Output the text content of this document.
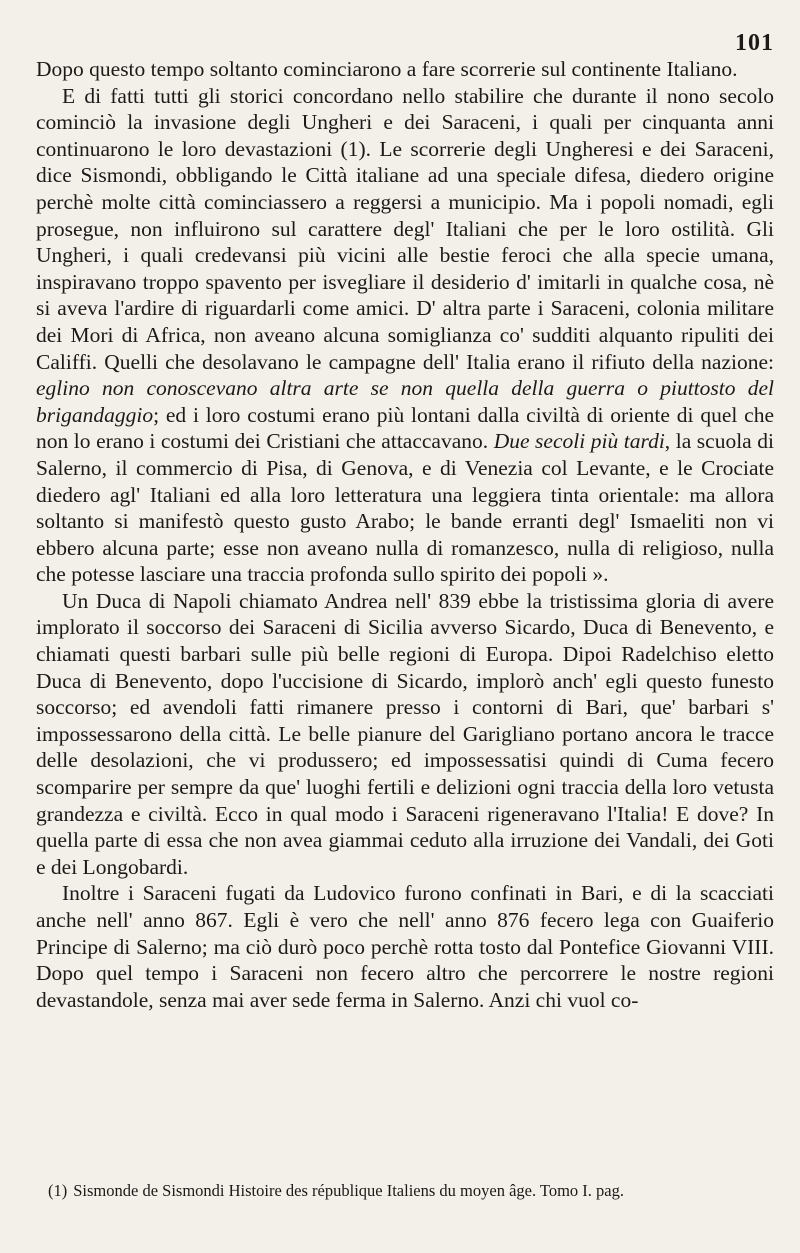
101

Dopo questo tempo soltanto cominciarono a fare scorrerie sul continente Italiano.

E di fatti tutti gli storici concordano nello stabilire che durante il nono secolo cominciò la invasione degli Ungheri e dei Saraceni, i quali per cinquanta anni continuarono le loro devastazioni (1). Le scorrerie degli Ungheresi e dei Saraceni, dice Sismondi, obbligando le Città italiane ad una speciale difesa, diedero origine perchè molte città cominciassero a reggersi a municipio. Ma i popoli nomadi, egli prosegue, non influirono sul carattere degl' Italiani che per le loro ostilità. Gli Ungheri, i quali credevansi più vicini alle bestie feroci che alla specie umana, inspiravano troppo spavento per isvegliare il desiderio d' imitarli in qualche cosa, nè si aveva l'ardire di riguardarli come amici. D' altra parte i Saraceni, colonia militare dei Mori di Africa, non aveano alcuna somiglianza co' sudditi alquanto ripuliti dei Califfi. Quelli che desolavano le campagne dell' Italia erano il rifiuto della nazione: eglino non conoscevano altra arte se non quella della guerra o piuttosto del brigandaggio; ed i loro costumi erano più lontani dalla civiltà di oriente di quel che non lo erano i costumi dei Cristiani che attaccavano. Due secoli più tardi, la scuola di Salerno, il commercio di Pisa, di Genova, e di Venezia col Levante, e le Crociate diedero agl' Italiani ed alla loro letteratura una leggiera tinta orientale: ma allora soltanto si manifestò questo gusto Arabo; le bande erranti degl' Ismaeliti non vi ebbero alcuna parte; esse non aveano nulla di romanzesco, nulla di religioso, nulla che potesse lasciare una traccia profonda sullo spirito dei popoli ».

Un Duca di Napoli chiamato Andrea nell' 839 ebbe la tristissima gloria di avere implorato il soccorso dei Saraceni di Sicilia avverso Sicardo, Duca di Benevento, e chiamati questi barbari sulle più belle regioni di Europa. Dipoi Radelchiso eletto Duca di Benevento, dopo l'uccisione di Sicardo, implorò anch' egli questo funesto soccorso; ed avendoli fatti rimanere presso i contorni di Bari, que' barbari s' impossessarono della città. Le belle pianure del Garigliano portano ancora le tracce delle desolazioni, che vi produssero; ed impossessatisi quindi di Cuma fecero scomparire per sempre da que' luoghi fertili e delizioni ogni traccia della loro vetusta grandezza e civiltà. Ecco in qual modo i Saraceni rigeneravano l'Italia! E dove? In quella parte di essa che non avea giammai ceduto alla irruzione dei Vandali, dei Goti e dei Longobardi.

Inoltre i Saraceni fugati da Ludovico furono confinati in Bari, e di la scacciati anche nell' anno 867. Egli è vero che nell' anno 876 fecero lega con Guaiferio Principe di Salerno; ma ciò durò poco perchè rotta tosto dal Pontefice Giovanni VIII. Dopo quel tempo i Saraceni non fecero altro che percorrere le nostre regioni devastandole, senza mai aver sede ferma in Salerno. Anzi chi vuol co-

(1) Sismonde de Sismondi Histoire des république Italiens du moyen âge. Tomo I. pag.
